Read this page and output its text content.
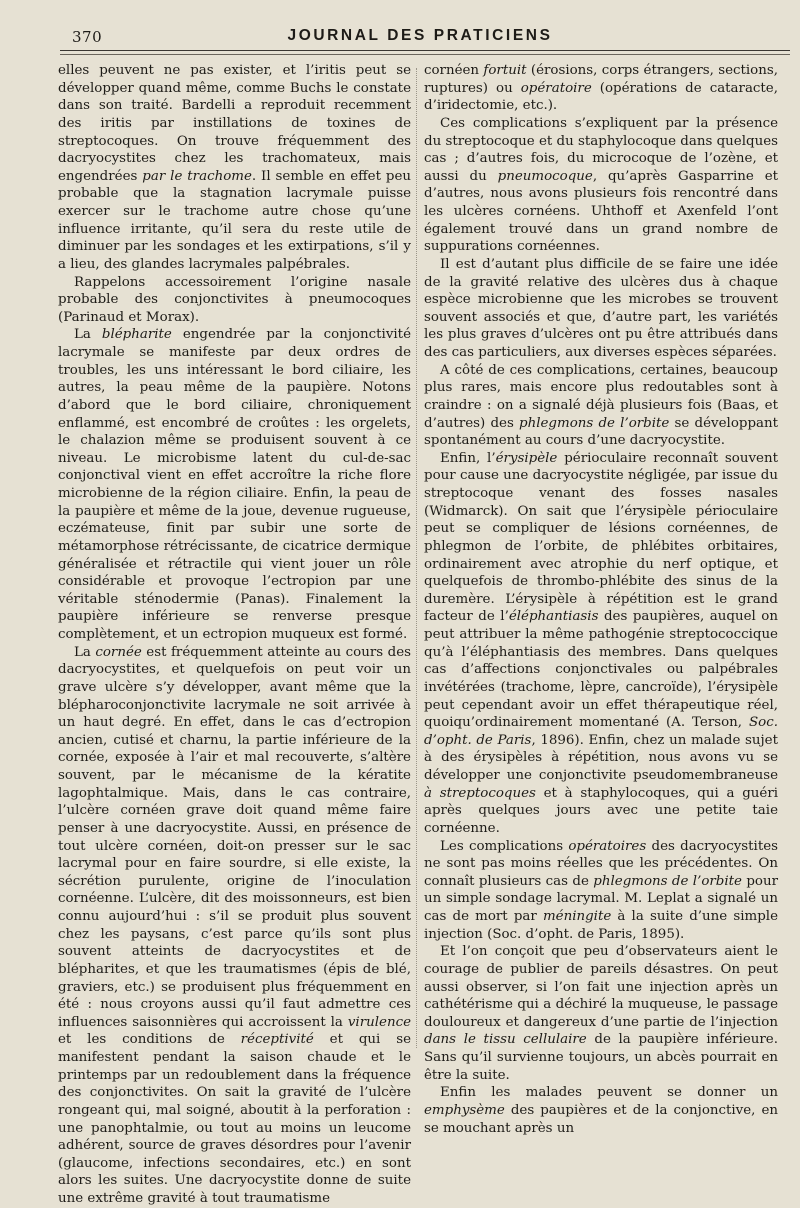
370	JOURNAL DES PRATICIENS

elles peuvent ne pas exister, et l’iritis peut se développer quand même, comme Buchs le constate dans son traité. Bardelli a reproduit recemment des iritis par instillations de toxines de streptocoques. On trouve fréquemment des dacryocystites chez les trachomateux, mais engendrées par le trachome. Il semble en effet peu probable que la stagnation lacrymale puisse exercer sur le trachome autre chose qu’une influence irritante, qu’il sera du reste utile de diminuer par les sondages et les extirpations, s’il y a lieu, des glandes lacrymales palpébrales.

Rappelons accessoirement l’origine nasale probable des conjonctivites à pneumocoques (Parinaud et Morax).

La blépharite engendrée par la conjonctivité lacrymale se manifeste par deux ordres de troubles, les uns intéressant le bord ciliaire, les autres, la peau même de la paupière. Notons d’abord que le bord ciliaire, chroniquement enflammé, est encombré de croûtes : les orgelets, le chalazion même se produisent souvent à ce niveau. Le microbisme latent du cul-de-sac conjonctival vient en effet accroître la riche flore microbienne de la région ciliaire. Enfin, la peau de la paupière et même de la joue, devenue rugueuse, eczémateuse, finit par subir une sorte de métamorphose rétrécissante, de cicatrice dermique généralisée et rétractile qui vient jouer un rôle considérable et provoque l’ectropion par une véritable sténodermie (Panas). Finalement la paupière inférieure se renverse presque complètement, et un ectropion muqueux est formé.

La cornée est fréquemment atteinte au cours des dacryocystites, et quelquefois on peut voir un grave ulcère s’y développer, avant même que la blépharoconjonctivite lacrymale ne soit arrivée à un haut degré. En effet, dans le cas d’ectropion ancien, cutisé et charnu, la partie inférieure de la cornée, exposée à l’air et mal recouverte, s’altère souvent, par le mécanisme de la kératite lagophtalmique. Mais, dans le cas contraire, l’ulcère cornéen grave doit quand même faire penser à une dacryocystite. Aussi, en présence de tout ulcère cornéen, doit-on presser sur le sac lacrymal pour en faire sourdre, si elle existe, la sécrétion purulente, origine de l’inoculation cornéenne. L’ulcère, dit des moissonneurs, est bien connu aujourd’hui : s’il se produit plus souvent chez les paysans, c’est parce qu’ils sont plus souvent atteints de dacryocystites et de blépharites, et que les traumatismes (épis de blé, graviers, etc.) se produisent plus fréquemment en été : nous croyons aussi qu’il faut admettre ces influences saisonnières qui accroissent la virulence et les conditions de réceptivité et qui se manifestent pendant la saison chaude et le printemps par un redoublement dans la fréquence des conjonctivites. On sait la gravité de l’ulcère rongeant qui, mal soigné, aboutit à la perforation : une panophtalmie, ou tout au moins un leucome adhérent, source de graves désordres pour l’avenir (glaucome, infections secondaires, etc.) en sont alors les suites. Une dacryocystite donne de suite une extrême gravité à tout traumatisme

cornéen fortuit (érosions, corps étrangers, sections, ruptures) ou opératoire (opérations de cataracte, d’iridectomie, etc.).

Ces complications s’expliquent par la présence du streptocoque et du staphylocoque dans quelques cas ; d’autres fois, du microcoque de l’ozène, et aussi du pneumocoque, qu’après Gasparrine et d’autres, nous avons plusieurs fois rencontré dans les ulcères cornéens. Uhthoff et Axenfeld l’ont également trouvé dans un grand nombre de suppurations cornéennes.

Il est d’autant plus difficile de se faire une idée de la gravité relative des ulcères dus à chaque espèce microbienne que les microbes se trouvent souvent associés et que, d’autre part, les variétés les plus graves d’ulcères ont pu être attribués dans des cas particuliers, aux diverses espèces séparées.

A côté de ces complications, certaines, beaucoup plus rares, mais encore plus redoutables sont à craindre : on a signalé déjà plusieurs fois (Baas, et d’autres) des phlegmons de l’orbite se développant spontanément au cours d’une dacryocystite.

Enfin, l’érysipèle périoculaire reconnaît souvent pour cause une dacryocystite négligée, par issue du streptocoque venant des fosses nasales (Widmarck). On sait que l’érysipèle périoculaire peut se compliquer de lésions cornéennes, de phlegmon de l’orbite, de phlébites orbitaires, ordinairement avec atrophie du nerf optique, et quelquefois de thrombo-phlébite des sinus de la duremère. L’érysipèle à répétition est le grand facteur de l’éléphantiasis des paupières, auquel on peut attribuer la même pathogénie streptococcique qu’à l’éléphantiasis des membres. Dans quelques cas d’affections conjonctivales ou palpébrales invétérées (trachome, lèpre, cancroïde), l’érysipèle peut cependant avoir un effet thérapeutique réel, quoiqu’ordinairement momentané (A. Terson, Soc. d’opht. de Paris, 1896). Enfin, chez un malade sujet à des érysipèles à répétition, nous avons vu se développer une conjonctivite pseudomembraneuse à streptocoques et à staphylocoques, qui a guéri après quelques jours avec une petite taie cornéenne.

Les complications opératoires des dacryocystites ne sont pas moins réelles que les précédentes. On connaît plusieurs cas de phlegmons de l’orbite pour un simple sondage lacrymal. M. Leplat a signalé un cas de mort par méningite à la suite d’une simple injection (Soc. d’opht. de Paris, 1895).

Et l’on conçoit que peu d’observateurs aient le courage de publier de pareils désastres. On peut aussi observer, si l’on fait une injection après un cathétérisme qui a déchiré la muqueuse, le passage douloureux et dangereux d’une partie de l’injection dans le tissu cellulaire de la paupière inférieure. Sans qu’il survienne toujours, un abcès pourrait en être la suite.

Enfin les malades peuvent se donner un emphysème des paupières et de la conjonctive, en se mouchant après un
